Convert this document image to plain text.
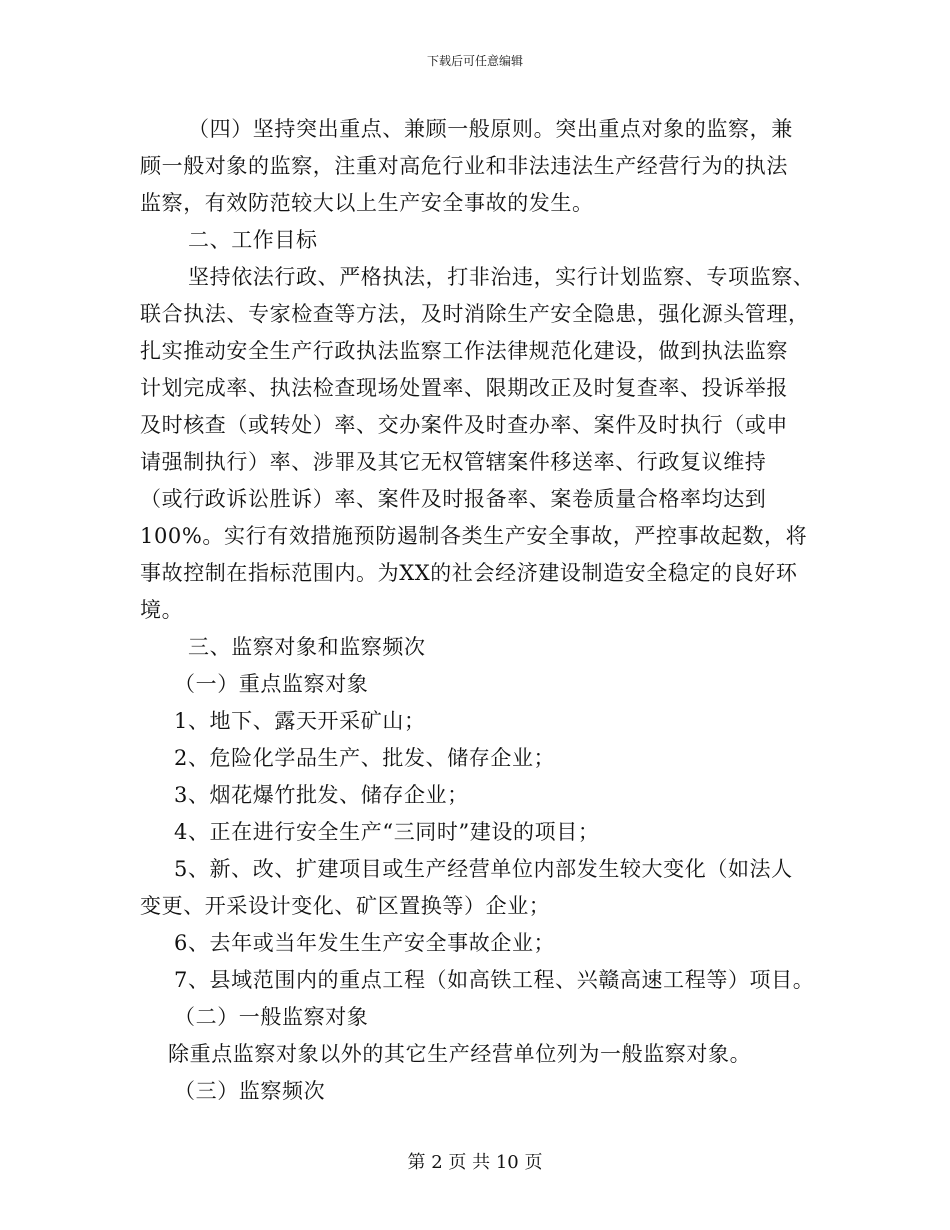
下载后可任意编辑
（四）坚持突出重点、兼顾一般原则。突出重点对象的监察，兼
顾一般对象的监察，注重对高危行业和非法违法生产经营行为的执法
监察，有效防范较大以上生产安全事故的发生。
二、工作目标
坚持依法行政、严格执法，打非治违，实行计划监察、专项监察、
联合执法、专家检查等方法，及时消除生产安全隐患，强化源头管理，
扎实推动安全生产行政执法监察工作法律规范化建设，做到执法监察
计划完成率、执法检查现场处置率、限期改正及时复查率、投诉举报
及时核查（或转处）率、交办案件及时查办率、案件及时执行（或申
请强制执行）率、涉罪及其它无权管辖案件移送率、行政复议维持
（或行政诉讼胜诉）率、案件及时报备率、案卷质量合格率均达到
100%。实行有效措施预防遏制各类生产安全事故，严控事故起数，将
事故控制在指标范围内。为XX的社会经济建设制造安全稳定的良好环
境。
三、监察对象和监察频次
（一）重点监察对象
1、地下、露天开采矿山；
2、危险化学品生产、批发、储存企业；
3、烟花爆竹批发、储存企业；
4、正在进行安全生产“三同时”建设的项目；
5、新、改、扩建项目或生产经营单位内部发生较大变化（如法人
变更、开采设计变化、矿区置换等）企业；
6、去年或当年发生生产安全事故企业；
7、县域范围内的重点工程（如高铁工程、兴赣高速工程等）项目。
（二）一般监察对象
除重点监察对象以外的其它生产经营单位列为一般监察对象。
（三）监察频次
第 2 页 共 10 页
